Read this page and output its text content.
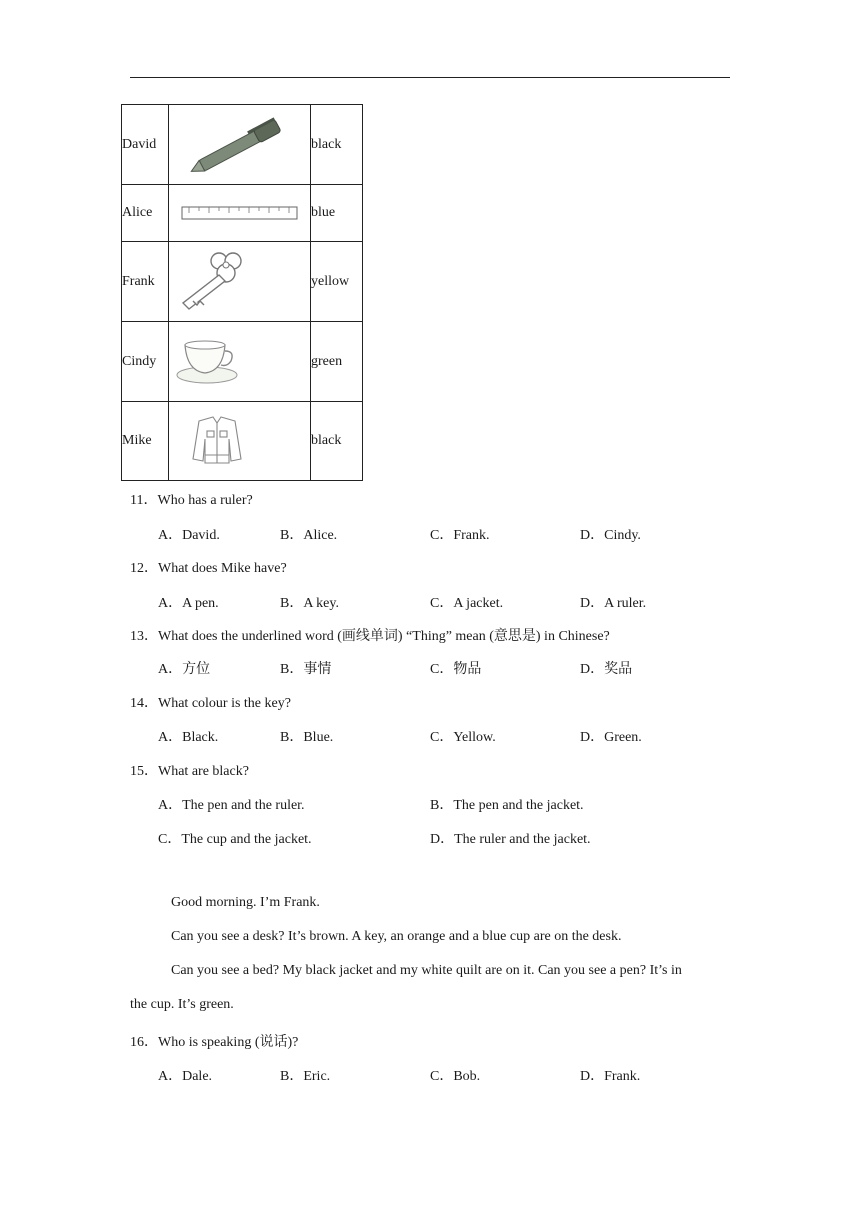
David		black
Alice		blue
Frank		yellow
Cindy		green
Mike		black
11．Who has a ruler?
A．David.	B．Alice.	C．Frank.	D．Cindy.
12．What does Mike have?
A．A pen.	B．A key.	C．A jacket.	D．A ruler.
13．What does the underlined word (画线单词) “Thing” mean (意思是) in Chinese?
A．方位	B．事情	C．物品	D．奖品
14．What colour is the key?
A．Black.	B．Blue.	C．Yellow.	D．Green.
15．What are black?
A．The pen and the ruler.	B．The pen and the jacket.
C．The cup and the jacket.	D．The ruler and the jacket.
Good morning. I’m Frank.
Can you see a desk? It’s brown. A key, an orange and a blue cup are on the desk.
Can you see a bed? My black jacket and my white quilt are on it. Can you see a pen? It’s in
the cup. It’s green.
16．Who is speaking (说话)?
A．Dale.	B．Eric.	C．Bob.	D．Frank.
